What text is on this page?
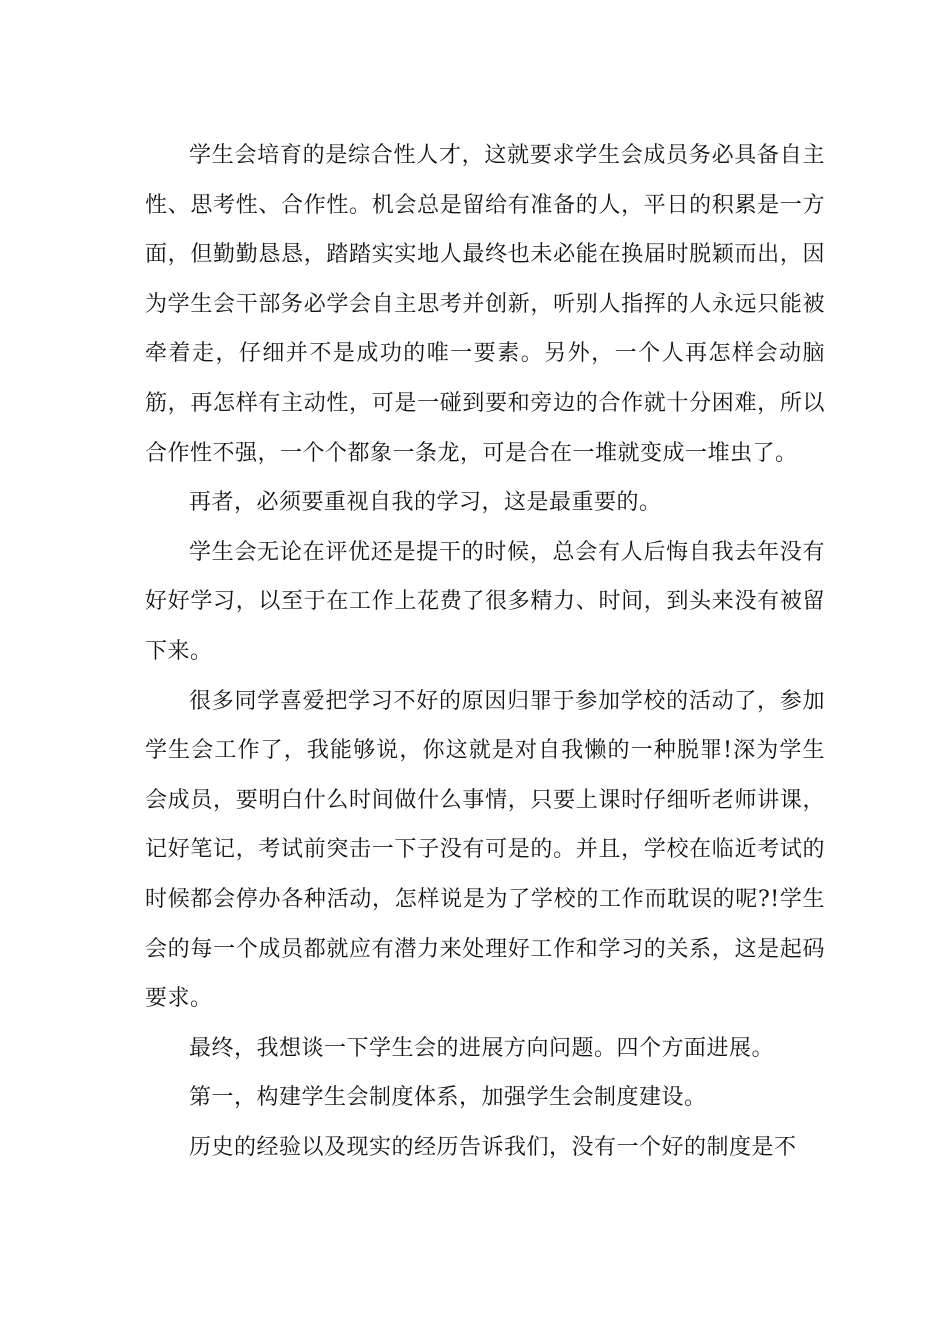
学生会培育的是综合性人才，这就要求学生会成员务必具备自主性、思考性、合作性。机会总是留给有准备的人，平日的积累是一方面，但勤勤恳恳，踏踏实实地人最终也未必能在换届时脱颖而出，因为学生会干部务必学会自主思考并创新，听别人指挥的人永远只能被牵着走，仔细并不是成功的唯一要素。另外，一个人再怎样会动脑筋，再怎样有主动性，可是一碰到要和旁边的合作就十分困难，所以合作性不强，一个个都象一条龙，可是合在一堆就变成一堆虫了。

再者，必须要重视自我的学习，这是最重要的。

学生会无论在评优还是提干的时候，总会有人后悔自我去年没有好好学习，以至于在工作上花费了很多精力、时间，到头来没有被留下来。

很多同学喜爱把学习不好的原因归罪于参加学校的活动了，参加学生会工作了，我能够说，你这就是对自我懒的一种脱罪!深为学生会成员，要明白什么时间做什么事情，只要上课时仔细听老师讲课，记好笔记，考试前突击一下子没有可是的。并且，学校在临近考试的时候都会停办各种活动，怎样说是为了学校的工作而耽误的呢?!学生会的每一个成员都就应有潜力来处理好工作和学习的关系，这是起码要求。

最终，我想谈一下学生会的进展方向问题。四个方面进展。

第一，构建学生会制度体系，加强学生会制度建设。

历史的经验以及现实的经历告诉我们，没有一个好的制度是不
